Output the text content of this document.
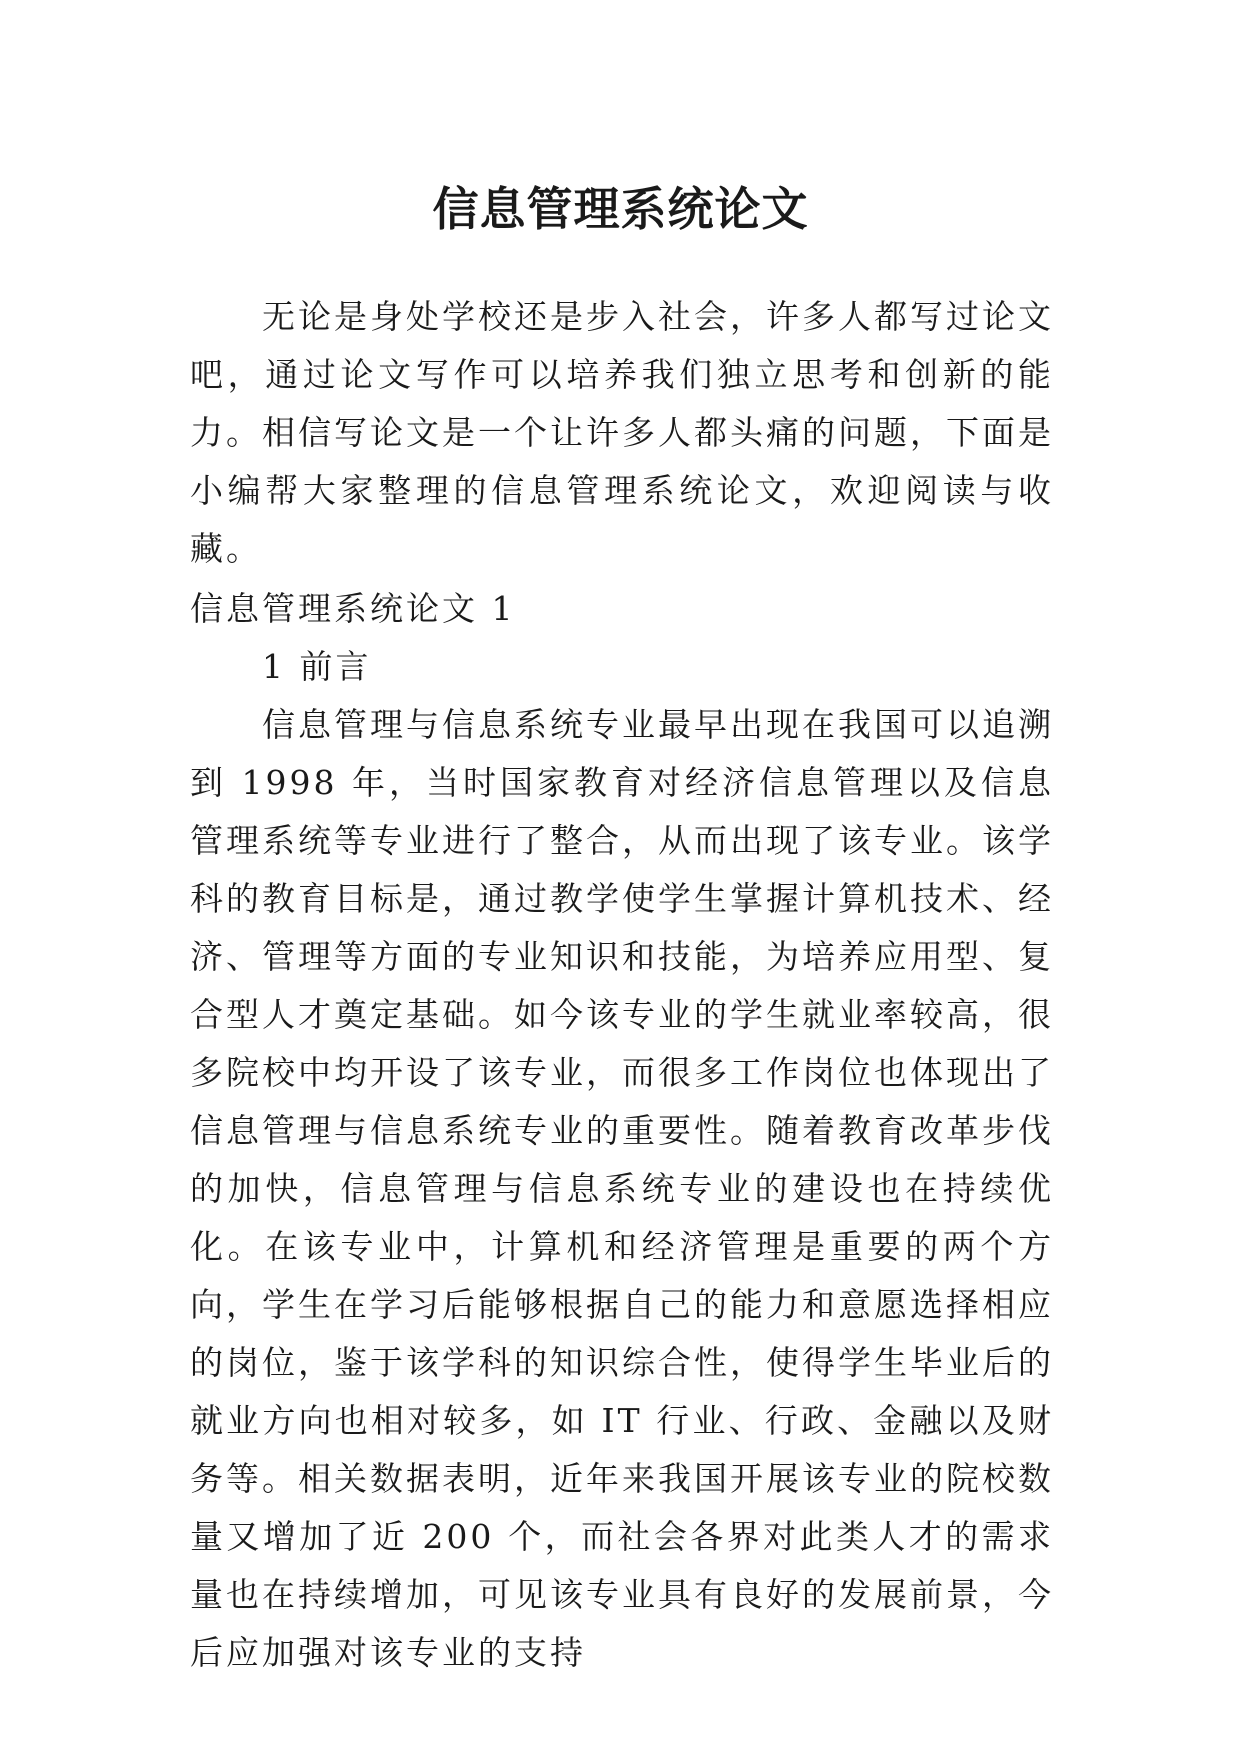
信息管理系统论文

无论是身处学校还是步入社会，许多人都写过论文吧，通过论文写作可以培养我们独立思考和创新的能力。相信写论文是一个让许多人都头痛的问题，下面是小编帮大家整理的信息管理系统论文，欢迎阅读与收藏。

信息管理系统论文 1

1 前言

信息管理与信息系统专业最早出现在我国可以追溯到 1998 年，当时国家教育对经济信息管理以及信息管理系统等专业进行了整合，从而出现了该专业。该学科的教育目标是，通过教学使学生掌握计算机技术、经济、管理等方面的专业知识和技能，为培养应用型、复合型人才奠定基础。如今该专业的学生就业率较高，很多院校中均开设了该专业，而很多工作岗位也体现出了信息管理与信息系统专业的重要性。随着教育改革步伐的加快，信息管理与信息系统专业的建设也在持续优化。在该专业中，计算机和经济管理是重要的两个方向，学生在学习后能够根据自己的能力和意愿选择相应的岗位，鉴于该学科的知识综合性，使得学生毕业后的就业方向也相对较多，如 IT 行业、行政、金融以及财务等。相关数据表明，近年来我国开展该专业的院校数量又增加了近 200 个，而社会各界对此类人才的需求量也在持续增加，可见该专业具有良好的发展前景，今后应加强对该专业的支持
